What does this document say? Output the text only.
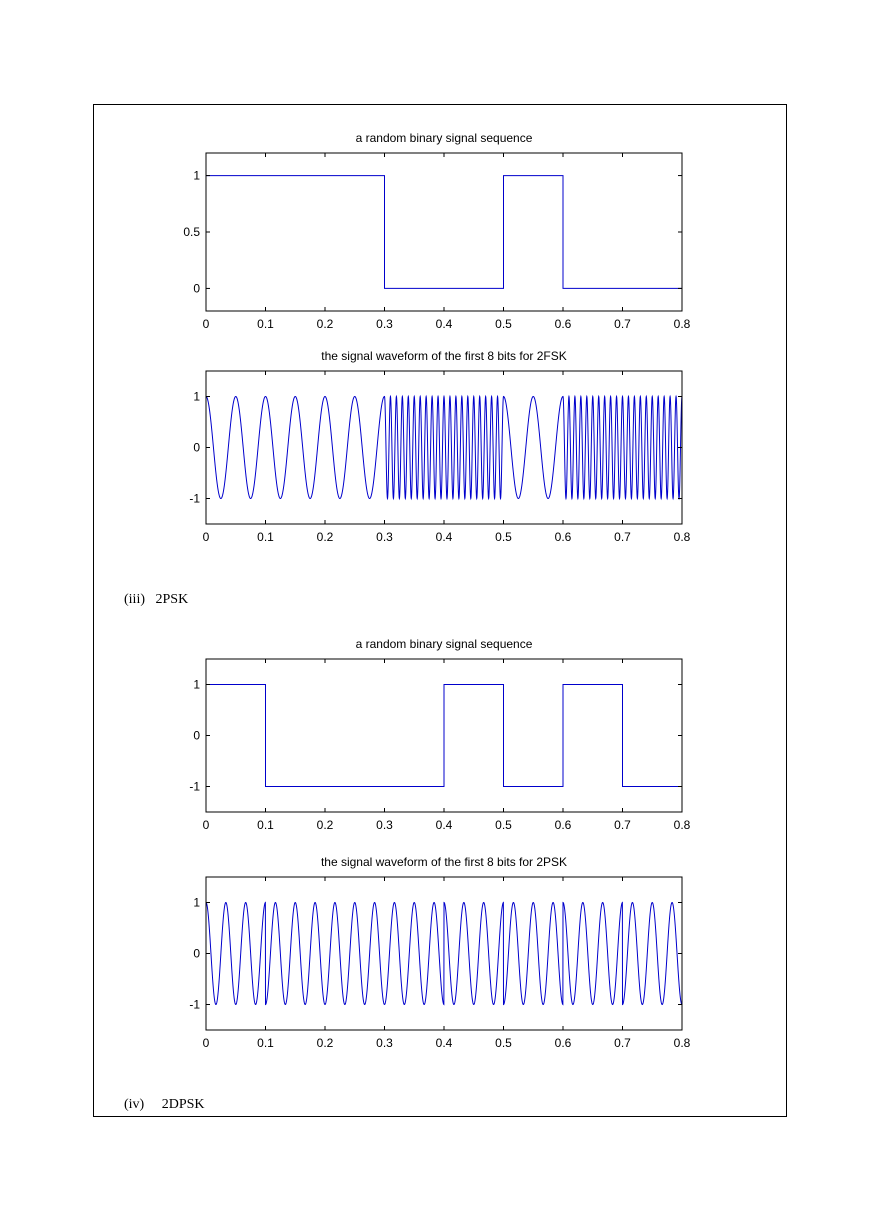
a random binary signal sequence
0	0.1	0.2	0.3	0.4	0.5	0.6	0.7	0.8
0
0.5
1
the signal waveform of the first 8 bits for 2FSK
0	0.1	0.2	0.3	0.4	0.5	0.6	0.7	0.8
-1
0
1
a random binary signal sequence
0	0.1	0.2	0.3	0.4	0.5	0.6	0.7	0.8
-1
0
1
the signal waveform of the first 8 bits for 2PSK
0	0.1	0.2	0.3	0.4	0.5	0.6	0.7	0.8
-1
0
1
(iii)   2PSK
(iv)     2DPSK
